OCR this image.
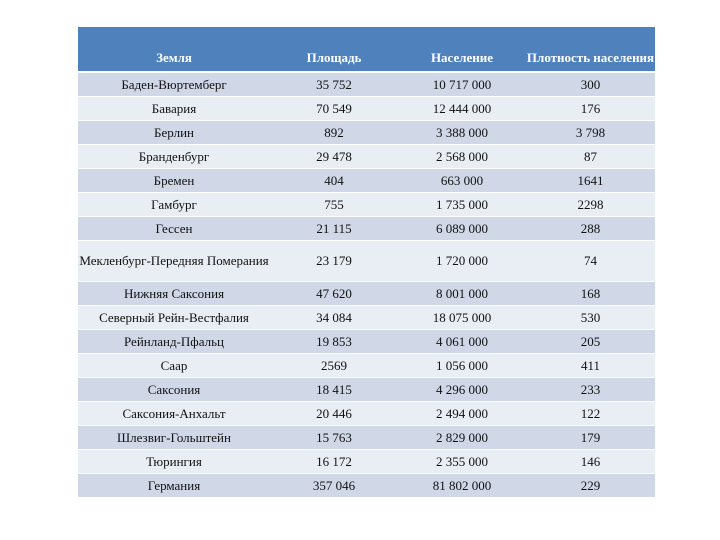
Земля	Площадь	Население	Плотность населения
Баден-Вюртемберг	35 752	10 717 000	300
Бавария	70 549	12 444 000	176
Берлин	892	3 388 000	3 798
Бранденбург	29 478	2 568 000	87
Бремен	404	663 000	1641
Гамбург	755	1 735 000	2298
Гессен	21 115	6 089 000	288
Мекленбург-Передняя Померания	23 179	1 720 000	74
Нижняя Саксония	47 620	8 001 000	168
Северный Рейн-Вестфалия	34 084	18 075 000	530
Рейнланд-Пфальц	19 853	4 061 000	205
Саар	2569	1 056 000	411
Саксония	18 415	4 296 000	233
Саксония-Анхальт	20 446	2 494 000	122
Шлезвиг-Гольштейн	15 763	2 829 000	179
Тюрингия	16 172	2 355 000	146
Германия	357 046	81 802 000	229
